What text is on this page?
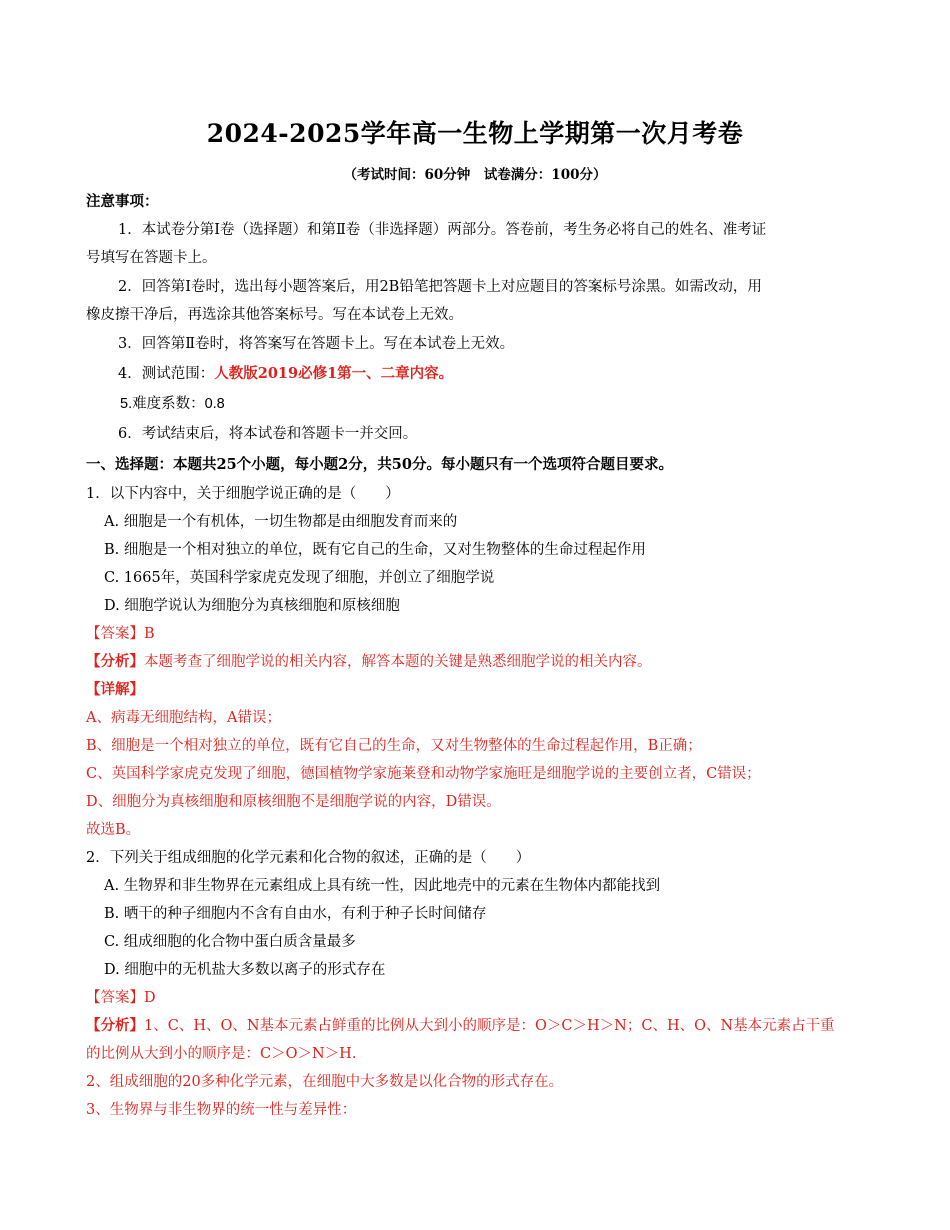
2024-2025学年高一生物上学期第一次月考卷
（考试时间：60分钟　试卷满分：100分）
注意事项：
1．本试卷分第Ⅰ卷（选择题）和第Ⅱ卷（非选择题）两部分。答卷前，考生务必将自己的姓名、准考证
号填写在答题卡上。
2．回答第Ⅰ卷时，选出每小题答案后，用2B铅笔把答题卡上对应题目的答案标号涂黑。如需改动，用
橡皮擦干净后，再选涂其他答案标号。写在本试卷上无效。
3．回答第Ⅱ卷时，将答案写在答题卡上。写在本试卷上无效。
4．测试范围：人教版2019必修1第一、二章内容。
5.难度系数：0.8
6．考试结束后，将本试卷和答题卡一并交回。
一、选择题：本题共25个小题，每小题2分，共50分。每小题只有一个选项符合题目要求。
1．以下内容中，关于细胞学说正确的是（　　）
A. 细胞是一个有机体，一切生物都是由细胞发育而来的
B. 细胞是一个相对独立的单位，既有它自己的生命，又对生物整体的生命过程起作用
C. 1665年，英国科学家虎克发现了细胞，并创立了细胞学说
D. 细胞学说认为细胞分为真核细胞和原核细胞
【答案】B
【分析】本题考查了细胞学说的相关内容，解答本题的关键是熟悉细胞学说的相关内容。
【详解】
A、病毒无细胞结构，A错误；
B、细胞是一个相对独立的单位，既有它自己的生命，又对生物整体的生命过程起作用，B正确；
C、英国科学家虎克发现了细胞，德国植物学家施莱登和动物学家施旺是细胞学说的主要创立者，C错误；
D、细胞分为真核细胞和原核细胞不是细胞学说的内容，D错误。
故选B。
2．下列关于组成细胞的化学元素和化合物的叙述，正确的是（　　）
A. 生物界和非生物界在元素组成上具有统一性，因此地壳中的元素在生物体内都能找到
B. 晒干的种子细胞内不含有自由水，有利于种子长时间储存
C. 组成细胞的化合物中蛋白质含量最多
D. 细胞中的无机盐大多数以离子的形式存在
【答案】D
【分析】1、C、H、O、N基本元素占鲜重的比例从大到小的顺序是：O＞C＞H＞N；C、H、O、N基本元素占干重
的比例从大到小的顺序是：C＞O＞N＞H.
2、组成细胞的20多种化学元素，在细胞中大多数是以化合物的形式存在。
3、生物界与非生物界的统一性与差异性：
